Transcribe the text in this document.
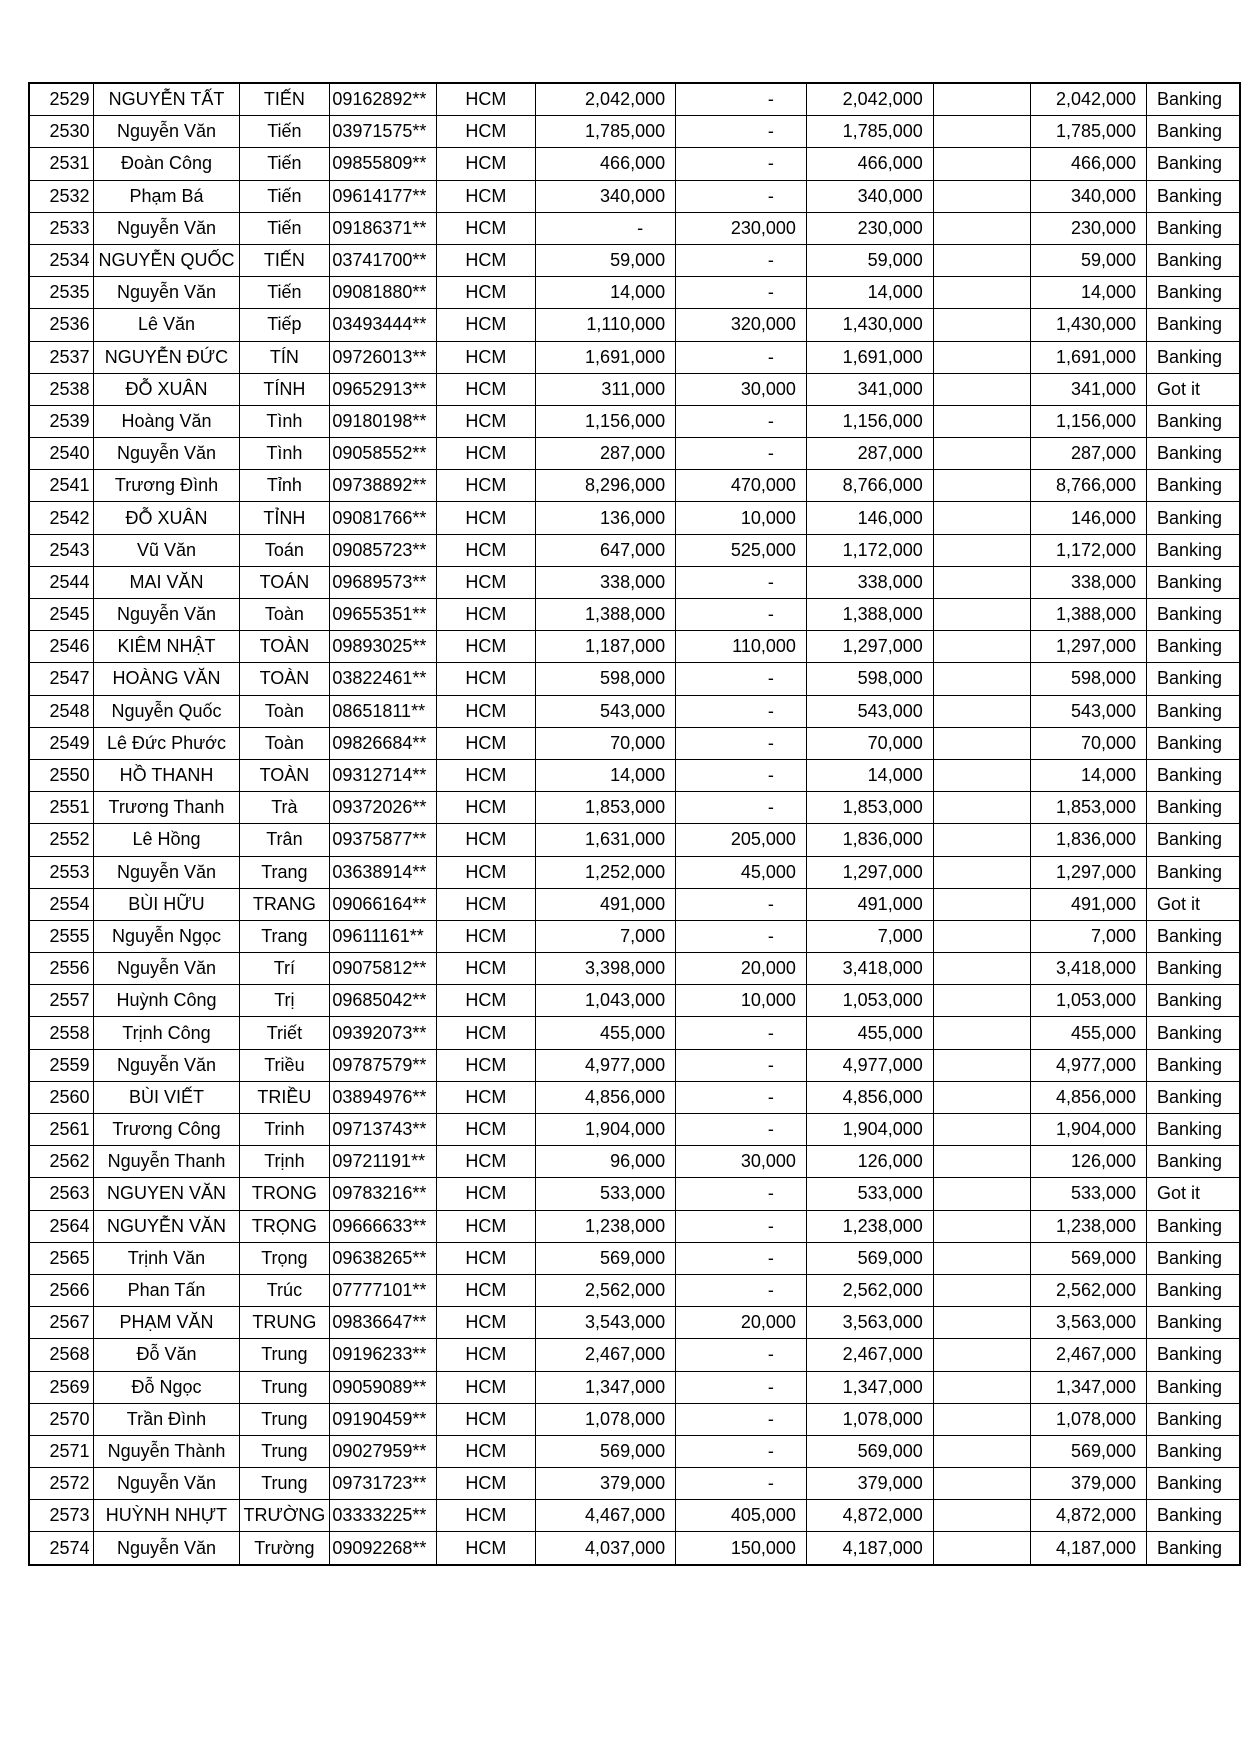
2529	NGUYỄN TẤT	TIẾN	09162892**	HCM	2,042,000	-	2,042,000		2,042,000	Banking
2530	Nguyễn Văn	Tiến	03971575**	HCM	1,785,000	-	1,785,000		1,785,000	Banking
2531	Đoàn Công	Tiến	09855809**	HCM	466,000	-	466,000		466,000	Banking
2532	Phạm Bá	Tiến	09614177**	HCM	340,000	-	340,000		340,000	Banking
2533	Nguyễn Văn	Tiến	09186371**	HCM	-	230,000	230,000		230,000	Banking
2534	NGUYỄN QUỐC	TIẾN	03741700**	HCM	59,000	-	59,000		59,000	Banking
2535	Nguyễn Văn	Tiến	09081880**	HCM	14,000	-	14,000		14,000	Banking
2536	Lê Văn	Tiếp	03493444**	HCM	1,110,000	320,000	1,430,000		1,430,000	Banking
2537	NGUYỄN ĐỨC	TÍN	09726013**	HCM	1,691,000	-	1,691,000		1,691,000	Banking
2538	ĐỖ XUÂN	TÍNH	09652913**	HCM	311,000	30,000	341,000		341,000	Got it
2539	Hoàng Văn	Tình	09180198**	HCM	1,156,000	-	1,156,000		1,156,000	Banking
2540	Nguyễn Văn	Tình	09058552**	HCM	287,000	-	287,000		287,000	Banking
2541	Trương Đình	Tỉnh	09738892**	HCM	8,296,000	470,000	8,766,000		8,766,000	Banking
2542	ĐỖ XUÂN	TỈNH	09081766**	HCM	136,000	10,000	146,000		146,000	Banking
2543	Vũ Văn	Toán	09085723**	HCM	647,000	525,000	1,172,000		1,172,000	Banking
2544	MAI VĂN	TOÁN	09689573**	HCM	338,000	-	338,000		338,000	Banking
2545	Nguyễn Văn	Toàn	09655351**	HCM	1,388,000	-	1,388,000		1,388,000	Banking
2546	KIÊM NHẬT	TOÀN	09893025**	HCM	1,187,000	110,000	1,297,000		1,297,000	Banking
2547	HOÀNG VĂN	TOÀN	03822461**	HCM	598,000	-	598,000		598,000	Banking
2548	Nguyễn Quốc	Toàn	08651811**	HCM	543,000	-	543,000		543,000	Banking
2549	Lê Đức Phước	Toàn	09826684**	HCM	70,000	-	70,000		70,000	Banking
2550	HỒ THANH	TOÀN	09312714**	HCM	14,000	-	14,000		14,000	Banking
2551	Trương Thanh	Trà	09372026**	HCM	1,853,000	-	1,853,000		1,853,000	Banking
2552	Lê Hồng	Trân	09375877**	HCM	1,631,000	205,000	1,836,000		1,836,000	Banking
2553	Nguyễn Văn	Trang	03638914**	HCM	1,252,000	45,000	1,297,000		1,297,000	Banking
2554	BÙI HỮU	TRANG	09066164**	HCM	491,000	-	491,000		491,000	Got it
2555	Nguyễn Ngọc	Trang	09611161**	HCM	7,000	-	7,000		7,000	Banking
2556	Nguyễn Văn	Trí	09075812**	HCM	3,398,000	20,000	3,418,000		3,418,000	Banking
2557	Huỳnh Công	Trị	09685042**	HCM	1,043,000	10,000	1,053,000		1,053,000	Banking
2558	Trịnh Công	Triết	09392073**	HCM	455,000	-	455,000		455,000	Banking
2559	Nguyễn Văn	Triều	09787579**	HCM	4,977,000	-	4,977,000		4,977,000	Banking
2560	BÙI VIẾT	TRIỀU	03894976**	HCM	4,856,000	-	4,856,000		4,856,000	Banking
2561	Trương Công	Trinh	09713743**	HCM	1,904,000	-	1,904,000		1,904,000	Banking
2562	Nguyễn Thanh	Trịnh	09721191**	HCM	96,000	30,000	126,000		126,000	Banking
2563	NGUYEN VĂN	TRONG	09783216**	HCM	533,000	-	533,000		533,000	Got it
2564	NGUYỄN VĂN	TRỌNG	09666633**	HCM	1,238,000	-	1,238,000		1,238,000	Banking
2565	Trịnh Văn	Trọng	09638265**	HCM	569,000	-	569,000		569,000	Banking
2566	Phan Tấn	Trúc	07777101**	HCM	2,562,000	-	2,562,000		2,562,000	Banking
2567	PHẠM VĂN	TRUNG	09836647**	HCM	3,543,000	20,000	3,563,000		3,563,000	Banking
2568	Đỗ Văn	Trung	09196233**	HCM	2,467,000	-	2,467,000		2,467,000	Banking
2569	Đỗ Ngọc	Trung	09059089**	HCM	1,347,000	-	1,347,000		1,347,000	Banking
2570	Trần Đình	Trung	09190459**	HCM	1,078,000	-	1,078,000		1,078,000	Banking
2571	Nguyễn Thành	Trung	09027959**	HCM	569,000	-	569,000		569,000	Banking
2572	Nguyễn Văn	Trung	09731723**	HCM	379,000	-	379,000		379,000	Banking
2573	HUỲNH NHỰT	TRƯỜNG	03333225**	HCM	4,467,000	405,000	4,872,000		4,872,000	Banking
2574	Nguyễn Văn	Trường	09092268**	HCM	4,037,000	150,000	4,187,000		4,187,000	Banking
